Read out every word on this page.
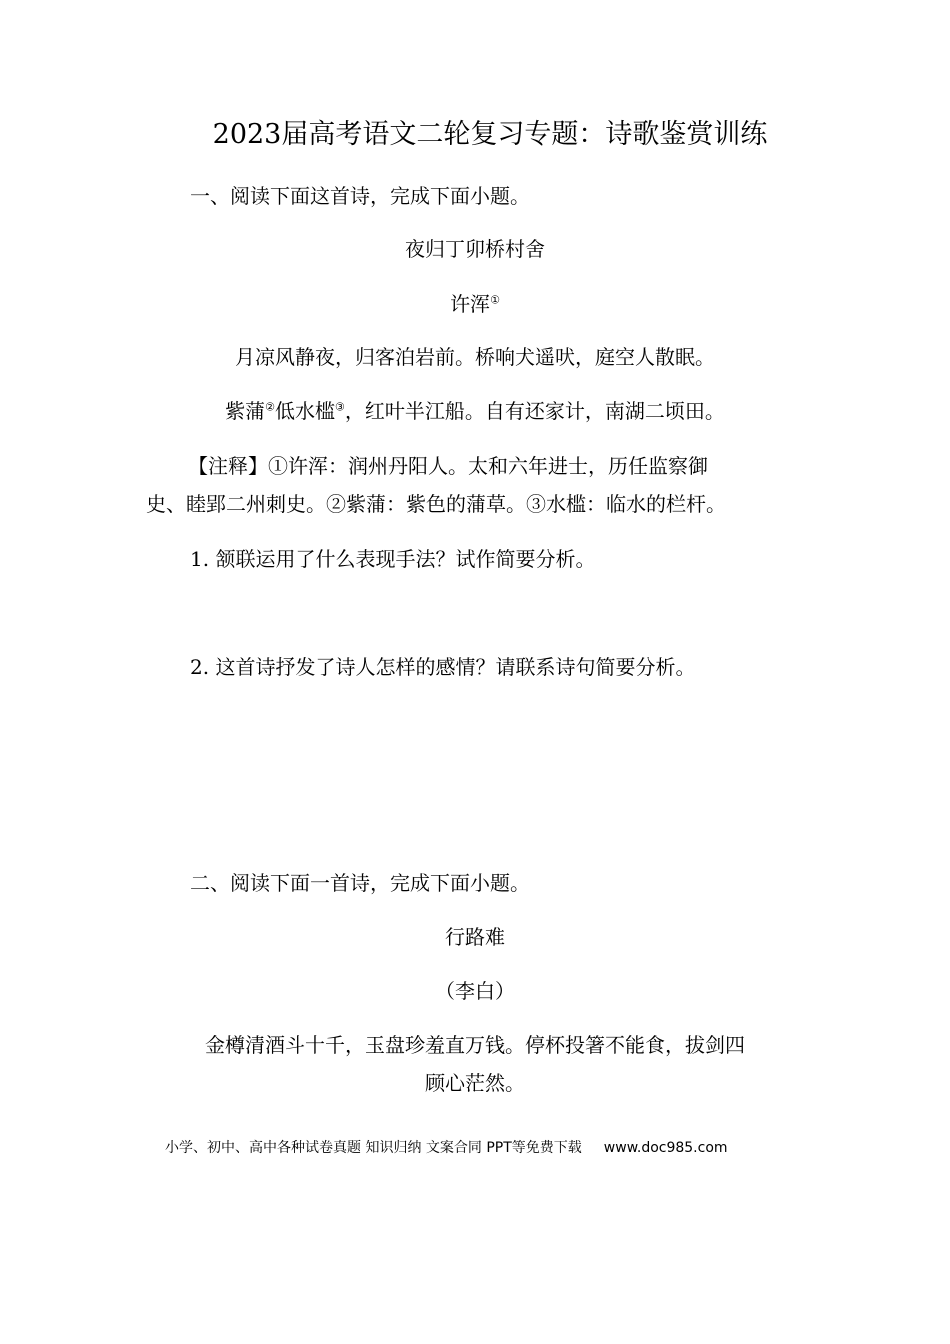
2023届高考语文二轮复习专题：诗歌鉴赏训练
一、阅读下面这首诗，完成下面小题。
夜归丁卯桥村舍
许浑①
月凉风静夜，归客泊岩前。桥响犬遥吠，庭空人散眠。
紫蒲②低水槛③，红叶半江船。自有还家计，南湖二顷田。
【注释】①许浑：润州丹阳人。太和六年进士，历任监察御
史、睦郢二州刺史。②紫蒲：紫色的蒲草。③水槛：临水的栏杆。
1. 颔联运用了什么表现手法？试作简要分析。
2. 这首诗抒发了诗人怎样的感情？请联系诗句简要分析。
二、阅读下面一首诗，完成下面小题。
行路难
（李白）
金樽清酒斗十千，玉盘珍羞直万钱。停杯投箸不能食，拔剑四
顾心茫然。
小学、初中、高中各种试卷真题 知识归纳 文案合同 PPT等免费下载 www.doc985.com
